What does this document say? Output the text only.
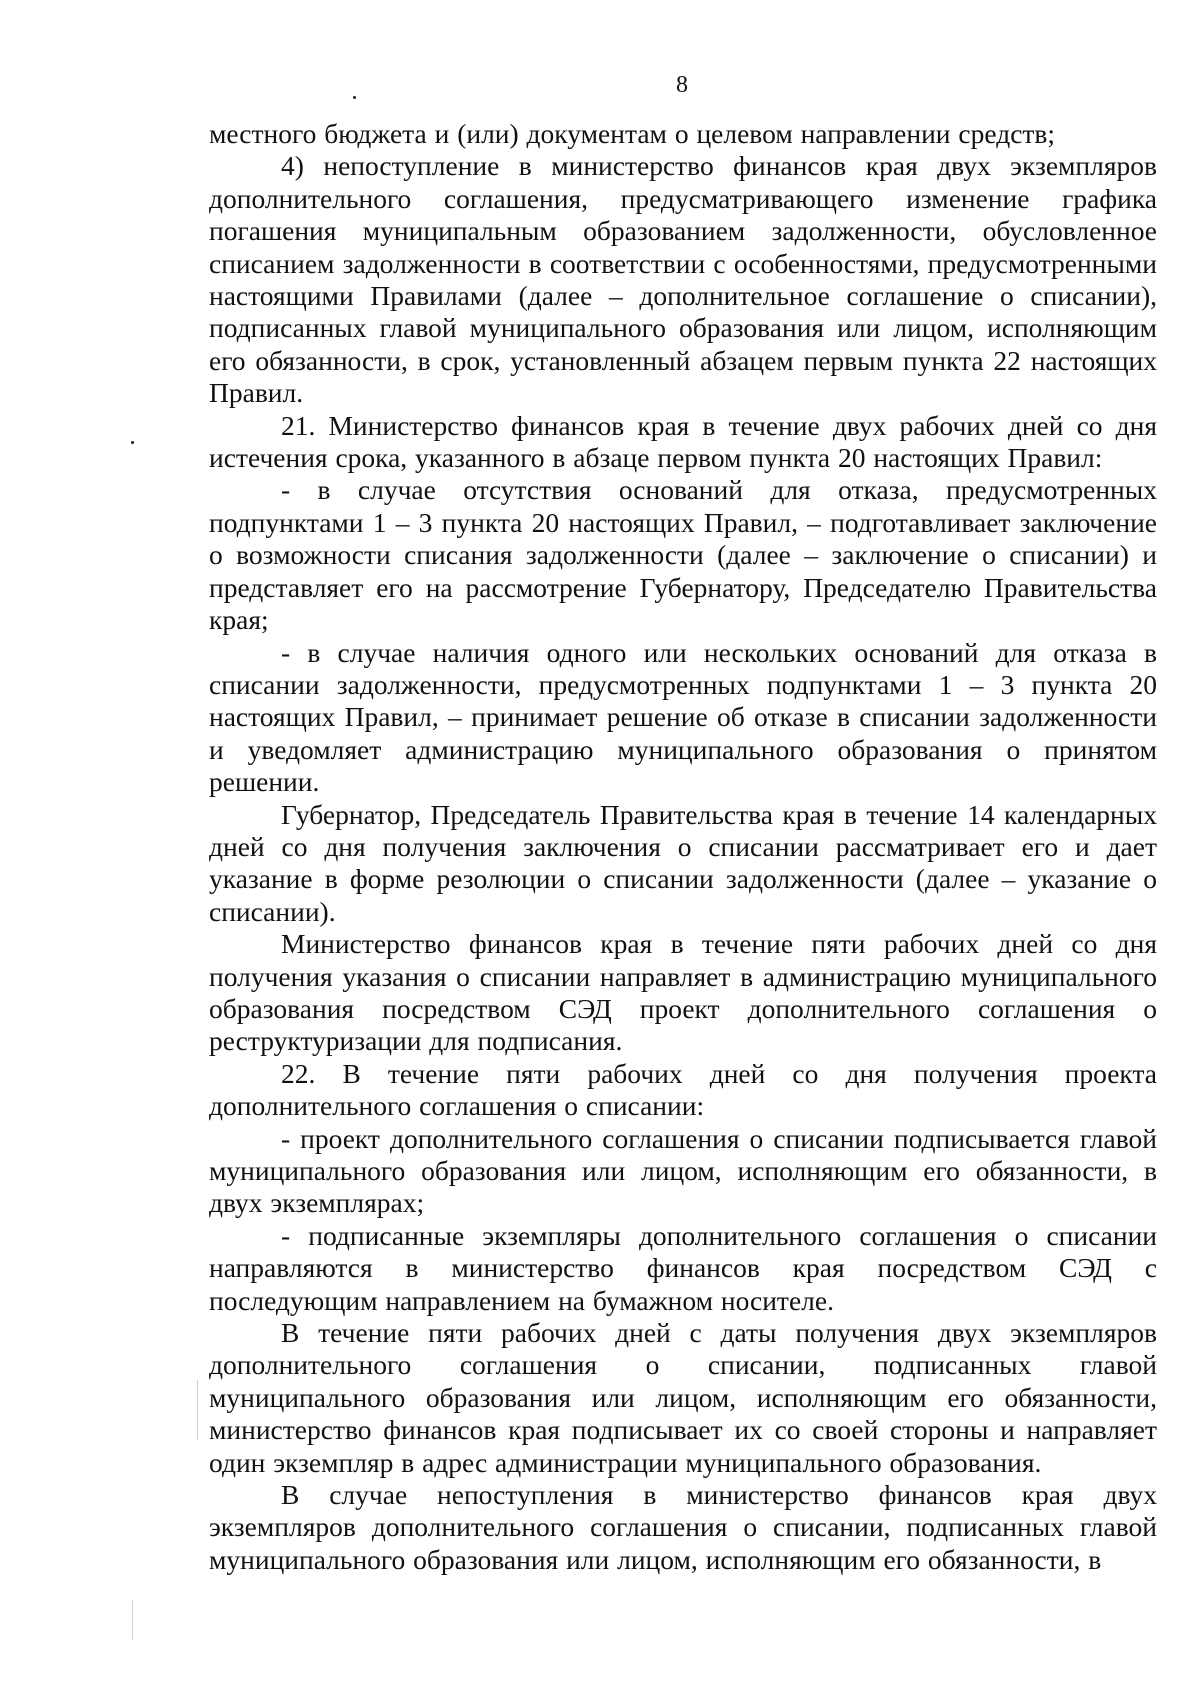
8

местного бюджета и (или) документам о целевом направлении средств;

4) непоступление в министерство финансов края двух экземпляров дополнительного соглашения, предусматривающего изменение графика погашения муниципальным образованием задолженности, обусловленное списанием задолженности в соответствии с особенностями, предусмотренными настоящими Правилами (далее – дополнительное соглашение о списании), подписанных главой муниципального образования или лицом, исполняющим его обязанности, в срок, установленный абзацем первым пункта 22 настоящих Правил.

21. Министерство финансов края в течение двух рабочих дней со дня истечения срока, указанного в абзаце первом пункта 20 настоящих Правил:

- в случае отсутствия оснований для отказа, предусмотренных подпунктами 1 – 3 пункта 20 настоящих Правил, – подготавливает заключение о возможности списания задолженности (далее – заключение о списании) и представляет его на рассмотрение Губернатору, Председателю Правительства края;

- в случае наличия одного или нескольких оснований для отказа в списании задолженности, предусмотренных подпунктами 1 – 3 пункта 20 настоящих Правил, – принимает решение об отказе в списании задолженности и уведомляет администрацию муниципального образования о принятом решении.

Губернатор, Председатель Правительства края в течение 14 календарных дней со дня получения заключения о списании рассматривает его и дает указание в форме резолюции о списании задолженности (далее – указание о списании).

Министерство финансов края в течение пяти рабочих дней со дня получения указания о списании направляет в администрацию муниципального образования посредством СЭД проект дополнительного соглашения о реструктуризации для подписания.

22. В течение пяти рабочих дней со дня получения проекта дополнительного соглашения о списании:

- проект дополнительного соглашения о списании подписывается главой муниципального образования или лицом, исполняющим его обязанности, в двух экземплярах;

- подписанные экземпляры дополнительного соглашения о списании направляются в министерство финансов края посредством СЭД с последующим направлением на бумажном носителе.

В течение пяти рабочих дней с даты получения двух экземпляров дополнительного соглашения о списании, подписанных главой муниципального образования или лицом, исполняющим его обязанности, министерство финансов края подписывает их со своей стороны и направляет один экземпляр в адрес администрации муниципального образования.

В случае непоступления в министерство финансов края двух экземпляров дополнительного соглашения о списании, подписанных главой муниципального образования или лицом, исполняющим его обязанности, в
